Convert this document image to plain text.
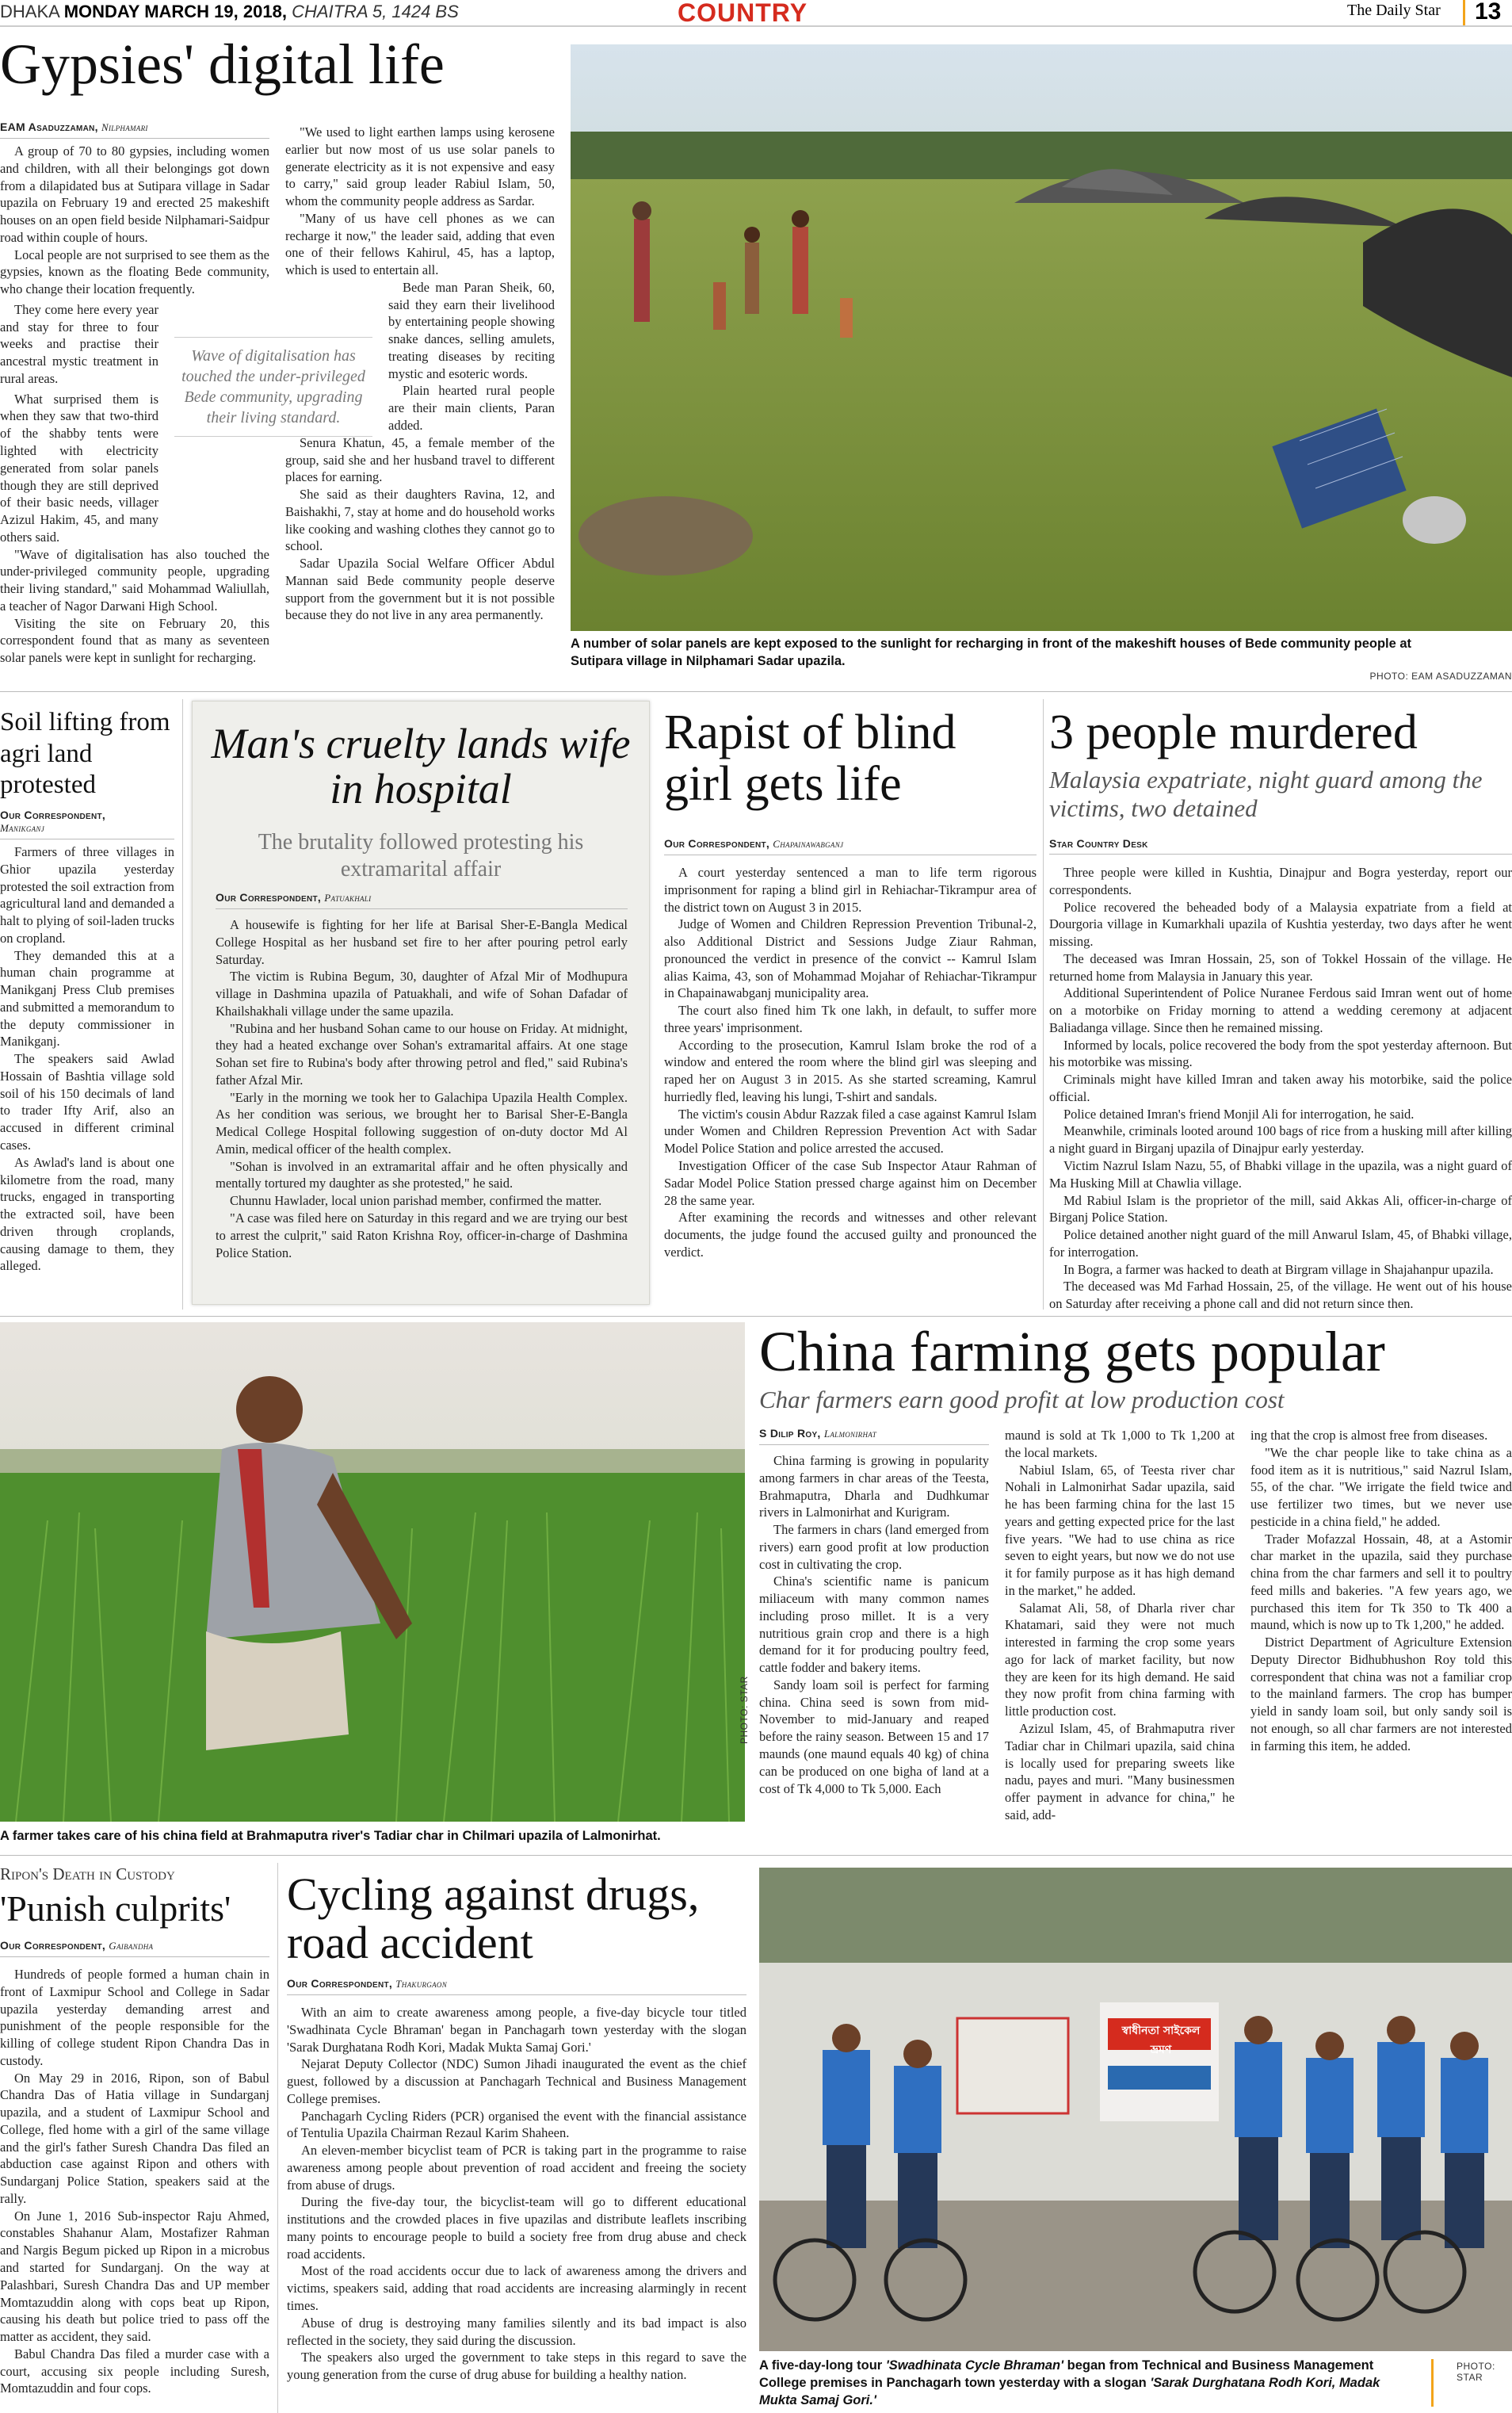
DHAKA MONDAY MARCH 19, 2018, CHAITRA 5, 1424 BS	COUNTRY	The Daily Star	13
Gypsies' digital life
EAM Asaduzzaman, Nilphamari

A group of 70 to 80 gypsies, including women and children, with all their belongings got down from a dilapidated bus at Sutipara village in Sadar upazila on February 19 and erected 25 makeshift houses on an open field beside Nilphamari-Saidpur road within couple of hours.

Local people are not surprised to see them as the gypsies, known as the floating Bede community, who change their location frequently.

They come here every year and stay for three to four weeks and practise their ancestral mystic treatment in rural areas.

What surprised them is when they saw that two-third of the shabby tents were lighted with electricity generated from solar panels though they are still deprived of their basic needs, villager Azizul Hakim, 45, and many others said.

"Wave of digitalisation has also touched the under-privileged community people, upgrading their living standard," said Mohammad Waliullah, a teacher of Nagor Darwani High School.

Visiting the site on February 20, this correspondent found that as many as seventeen solar panels were kept in sunlight for recharging.

Wave of digitalisation has touched the under-privileged Bede community, upgrading their living standard.

"We used to light earthen lamps using kerosene earlier but now most of us use solar panels to generate electricity as it is not expensive and easy to carry," said group leader Rabiul Islam, 50, whom the community people address as Sardar.

"Many of us have cell phones as we can recharge it now," the leader said, adding that even one of their fellows Kahirul, 45, has a laptop, which is used to entertain all.

Bede man Paran Sheik, 60, said they earn their livelihood by entertaining people showing snake dances, selling amulets, treating diseases by reciting mystic and esoteric words.

Plain hearted rural people are their main clients, Paran added.

Senura Khatun, 45, a female member of the group, said she and her husband travel to different places for earning.

She said as their daughters Ravina, 12, and Baishakhi, 7, stay at home and do household works like cooking and washing clothes they cannot go to school.

Sadar Upazila Social Welfare Officer Abdul Mannan said Bede community people deserve support from the government but it is not possible because they do not live in any area permanently.

A number of solar panels are kept exposed to the sunlight for recharging in front of the makeshift houses of Bede community people at Sutipara village in Nilphamari Sadar upazila.
PHOTO: EAM ASADUZZAMAN
Soil lifting from agri land protested
Our Correspondent,
Manikganj

Farmers of three villages in Ghior upazila yesterday protested the soil extraction from agricultural land and demanded a halt to plying of soil-laden trucks on cropland.

They demanded this at a human chain programme at Manikganj Press Club premises and submitted a memorandum to the deputy commissioner in Manikganj.

The speakers said Awlad Hossain of Bashtia village sold soil of his 150 decimals of land to trader Ifty Arif, also an accused in different criminal cases.

As Awlad's land is about one kilometre from the road, many trucks, engaged in transporting the extracted soil, have been driven through croplands, causing damage to them, they alleged.

Man's cruelty lands wife in hospital
The brutality followed protesting his extramarital affair
Our Correspondent, Patuakhali

A housewife is fighting for her life at Barisal Sher-E-Bangla Medical College Hospital as her husband set fire to her after pouring petrol early Saturday.

The victim is Rubina Begum, 30, daughter of Afzal Mir of Modhupura village in Dashmina upazila of Patuakhali, and wife of Sohan Dafadar of Khailshakhali village under the same upazila.

"Rubina and her husband Sohan came to our house on Friday. At midnight, they had a heated exchange over Sohan's extramarital affairs. At one stage Sohan set fire to Rubina's body after throwing petrol and fled," said Rubina's father Afzal Mir.

"Early in the morning we took her to Galachipa Upazila Health Complex. As her condition was serious, we brought her to Barisal Sher-E-Bangla Medical College Hospital following suggestion of on-duty doctor Md Al Amin, medical officer of the health complex.

"Sohan is involved in an extramarital affair and he often physically and mentally tortured my daughter as she protested," he said.

Chunnu Hawlader, local union parishad member, confirmed the matter.

"A case was filed here on Saturday in this regard and we are trying our best to arrest the culprit," said Raton Krishna Roy, officer-in-charge of Dashmina Police Station.

Rapist of blind girl gets life
Our Correspondent, Chapainawabganj

A court yesterday sentenced a man to life term rigorous imprisonment for raping a blind girl in Rehiachar-Tikrampur area of the district town on August 3 in 2015.

Judge of Women and Children Repression Prevention Tribunal-2, also Additional District and Sessions Judge Ziaur Rahman, pronounced the verdict in presence of the convict -- Kamrul Islam alias Kaima, 43, son of Mohammad Mojahar of Rehiachar-Tikrampur in Chapainawabganj municipality area.

The court also fined him Tk one lakh, in default, to suffer more three years' imprisonment.

According to the prosecution, Kamrul Islam broke the rod of a window and entered the room where the blind girl was sleeping and raped her on August 3 in 2015. As she started screaming, Kamrul hurriedly fled, leaving his lungi, T-shirt and sandals.

The victim's cousin Abdur Razzak filed a case against Kamrul Islam under Women and Children Repression Prevention Act with Sadar Model Police Station and police arrested the accused.

Investigation Officer of the case Sub Inspector Ataur Rahman of Sadar Model Police Station pressed charge against him on December 28 the same year.

After examining the records and witnesses and other relevant documents, the judge found the accused guilty and pronounced the verdict.

3 people murdered
Malaysia expatriate, night guard among the victims, two detained
Star Country Desk

Three people were killed in Kushtia, Dinajpur and Bogra yesterday, report our correspondents.

Police recovered the beheaded body of a Malaysia expatriate from a field at Dourgoria village in Kumarkhali upazila of Kushtia yesterday, two days after he went missing.

The deceased was Imran Hossain, 25, son of Tokkel Hossain of the village. He returned home from Malaysia in January this year.

Additional Superintendent of Police Nuranee Ferdous said Imran went out of home on a motorbike on Friday morning to attend a wedding ceremony at adjacent Baliadanga village. Since then he remained missing.

Informed by locals, police recovered the body from the spot yesterday afternoon. But his motorbike was missing.

Criminals might have killed Imran and taken away his motorbike, said the police official.

Police detained Imran's friend Monjil Ali for interrogation, he said.

Meanwhile, criminals looted around 100 bags of rice from a husking mill after killing a night guard in Birganj upazila of Dinajpur early yesterday.

Victim Nazrul Islam Nazu, 55, of Bhabki village in the upazila, was a night guard of Ma Husking Mill at Chawlia village.

Md Rabiul Islam is the proprietor of the mill, said Akkas Ali, officer-in-charge of Birganj Police Station.

Police detained another night guard of the mill Anwarul Islam, 45, of Bhabki village, for interrogation.

In Bogra, a farmer was hacked to death at Birgram village in Shajahanpur upazila.

The deceased was Md Farhad Hossain, 25, of the village. He went out of his house on Saturday after receiving a phone call and did not return since then.

PHOTO: STAR
A farmer takes care of his china field at Brahmaputra river's Tadiar char in Chilmari upazila of Lalmonirhat.
China farming gets popular
Char farmers earn good profit at low production cost
S Dilip Roy, Lalmonirhat

China farming is growing in popularity among farmers in char areas of the Teesta, Brahmaputra, Dharla and Dudhkumar rivers in Lalmonirhat and Kurigram.

The farmers in chars (land emerged from rivers) earn good profit at low production cost in cultivating the crop.

China's scientific name is panicum miliaceum with many common names including proso millet. It is a very nutritious grain crop and there is a high demand for it for producing poultry feed, cattle fodder and bakery items.

Sandy loam soil is perfect for farming china. China seed is sown from mid-November to mid-January and reaped before the rainy season. Between 15 and 17 maunds (one maund equals 40 kg) of china can be produced on one bigha of land at a cost of Tk 4,000 to Tk 5,000. Each

maund is sold at Tk 1,000 to Tk 1,200 at the local markets.

Nabiul Islam, 65, of Teesta river char Nohali in Lalmonirhat Sadar upazila, said he has been farming china for the last 15 years and getting expected price for the last five years. "We had to use china as rice seven to eight years, but now we do not use it for family purpose as it has high demand in the market," he added.

Salamat Ali, 58, of Dharla river char Khatamari, said they were not much interested in farming the crop some years ago for lack of market facility, but now they are keen for its high demand. He said they now profit from china farming with little production cost.

Azizul Islam, 45, of Brahmaputra river Tadiar char in Chilmari upazila, said china is locally used for preparing sweets like nadu, payes and muri. "Many businessmen offer payment in advance for china," he said, add-

ing that the crop is almost free from diseases.

"We the char people like to take china as a food item as it is nutritious," said Nazrul Islam, 55, of the char. "We irrigate the field twice and use fertilizer two times, but we never use pesticide in a china field," he added.

Trader Mofazzal Hossain, 48, at a Astomir char market in the upazila, said they purchase china from the char farmers and sell it to poultry feed mills and bakeries. "A few years ago, we purchased this item for Tk 350 to Tk 400 a maund, which is now up to Tk 1,200," he added.

District Department of Agriculture Extension Deputy Director Bidhubhushon Roy told this correspondent that china was not a familiar crop to the mainland farmers. The crop has bumper yield in sandy loam soil, but only sandy soil is not enough, so all char farmers are not interested in farming this item, he added.

Ripon's Death in Custody
'Punish culprits'
Our Correspondent, Gaibandha

Hundreds of people formed a human chain in front of Laxmipur School and College in Sadar upazila yesterday demanding arrest and punishment of the people responsible for the killing of college student Ripon Chandra Das in custody.

On May 29 in 2016, Ripon, son of Babul Chandra Das of Hatia village in Sundarganj upazila, and a student of Laxmipur School and College, fled home with a girl of the same village and the girl's father Suresh Chandra Das filed an abduction case against Ripon and others with Sundarganj Police Station, speakers said at the rally.

On June 1, 2016 Sub-inspector Raju Ahmed, constables Shahanur Alam, Mostafizer Rahman and Nargis Begum picked up Ripon in a microbus and started for Sundarganj. On the way at Palashbari, Suresh Chandra Das and UP member Momtazuddin along with cops beat up Ripon, causing his death but police tried to pass off the matter as accident, they said.

Babul Chandra Das filed a murder case with a court, accusing six people including Suresh, Momtazuddin and four cops.

Cycling against drugs, road accident
Our Correspondent, Thakurgaon

With an aim to create awareness among people, a five-day bicycle tour titled 'Swadhinata Cycle Bhraman' began in Panchagarh town yesterday with the slogan 'Sarak Durghatana Rodh Kori, Madak Mukta Samaj Gori.'

Nejarat Deputy Collector (NDC) Sumon Jihadi inaugurated the event as the chief guest, followed by a discussion at Panchagarh Technical and Business Management College premises.

Panchagarh Cycling Riders (PCR) organised the event with the financial assistance of Tentulia Upazila Chairman Rezaul Karim Shaheen.

An eleven-member bicyclist team of PCR is taking part in the programme to raise awareness among people about prevention of road accident and freeing the society from abuse of drugs.

During the five-day tour, the bicyclist-team will go to different educational institutions and the crowded places in five upazilas and distribute leaflets inscribing many points to encourage people to build a society free from drug abuse and check road accidents.

Most of the road accidents occur due to lack of awareness among the drivers and victims, speakers said, adding that road accidents are increasing alarmingly in recent times.

Abuse of drug is destroying many families silently and its bad impact is also reflected in the society, they said during the discussion.

The speakers also urged the government to take steps in this regard to save the young generation from the curse of drug abuse for building a healthy nation.

স্বাধীনতা সাইকেল ভ্রমণ
A five-day-long tour 'Swadhinata Cycle Bhraman' began from Technical and Business Management College premises in Panchagarh town yesterday with a slogan 'Sarak Durghatana Rodh Kori, Madak Mukta Samaj Gori.'
PHOTO: STAR
